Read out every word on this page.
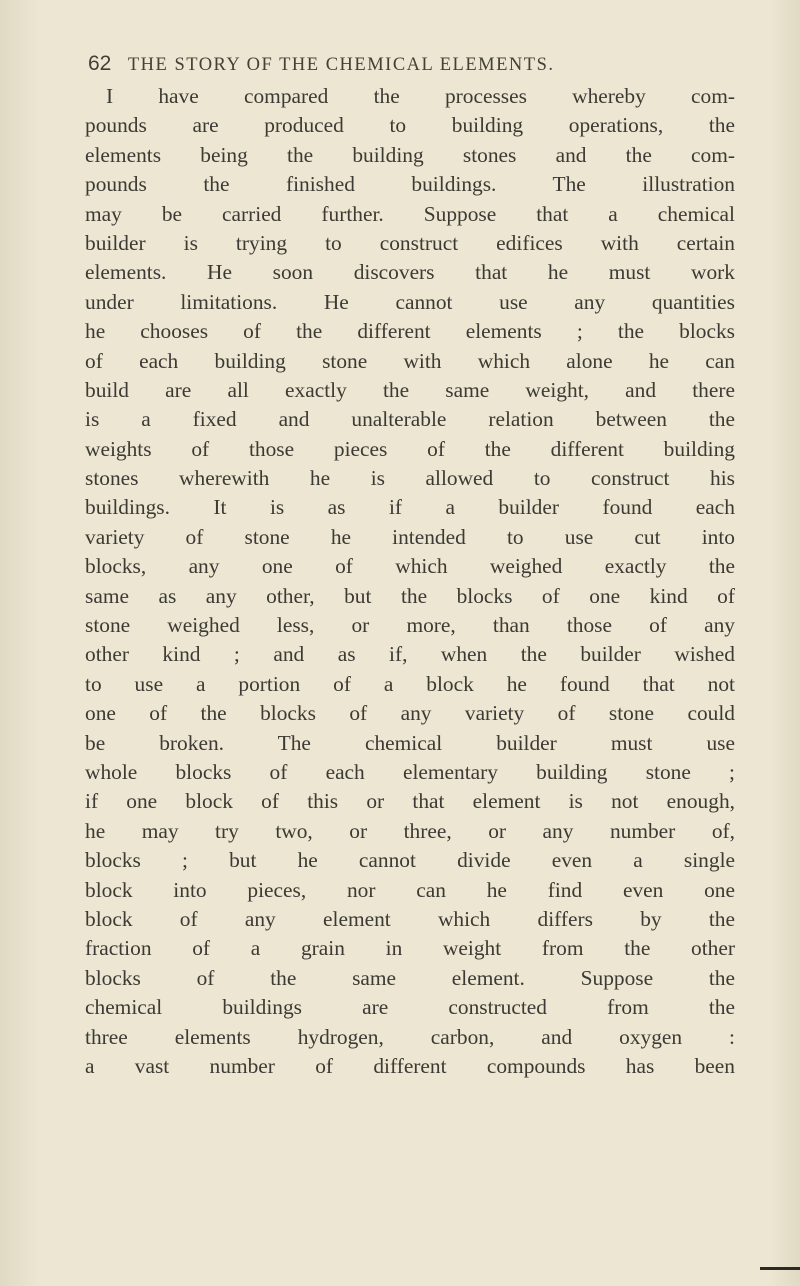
62 THE STORY OF THE CHEMICAL ELEMENTS.
I have compared the processes whereby com-
pounds are produced to building operations, the
elements being the building stones and the com-
pounds the finished buildings. The illustration
may be carried further. Suppose that a chemical
builder is trying to construct edifices with certain
elements. He soon discovers that he must work
under limitations. He cannot use any quantities
he chooses of the different elements ; the blocks
of each building stone with which alone he can
build are all exactly the same weight, and there
is a fixed and unalterable relation between the
weights of those pieces of the different building
stones wherewith he is allowed to construct his
buildings. It is as if a builder found each
variety of stone he intended to use cut into
blocks, any one of which weighed exactly the
same as any other, but the blocks of one kind of
stone weighed less, or more, than those of any
other kind ; and as if, when the builder wished
to use a portion of a block he found that not
one of the blocks of any variety of stone could
be broken. The chemical builder must use
whole blocks of each elementary building stone ;
if one block of this or that element is not enough,
he may try two, or three, or any number of,
blocks ; but he cannot divide even a single
block into pieces, nor can he find even one
block of any element which differs by the
fraction of a grain in weight from the other
blocks of the same element. Suppose the
chemical buildings are constructed from the
three elements hydrogen, carbon, and oxygen :
a vast number of different compounds has been
